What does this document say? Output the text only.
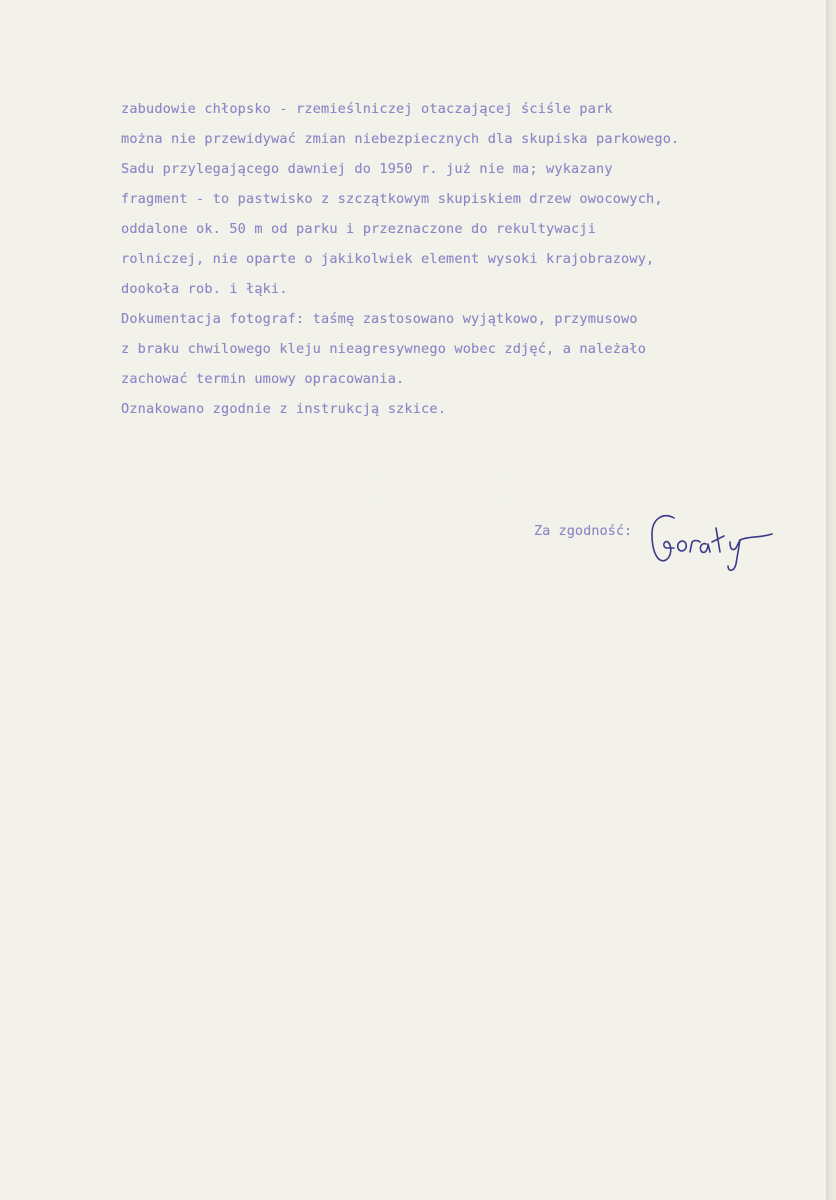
zabudowie chłopsko - rzemieślniczej otaczającej ściśle park
można nie przewidywać zmian niebezpiecznych dla skupiska parkowego.
Sadu przylegającego dawniej do 1950 r. już nie ma; wykazany
fragment - to pastwisko z szczątkowym skupiskiem drzew owocowych,
oddalone ok. 50 m od parku i przeznaczone do rekultywacji
rolniczej, nie oparte o jakikolwiek element wysoki krajobrazowy,
dookoła rob. i łąki.
Dokumentacja fotograf: taśmę zastosowano wyjątkowo, przymusowo
z braku chwilowego kleju nieagresywnego wobec zdjęć, a należało
zachować termin umowy opracowania.
Oznakowano zgodnie z instrukcją szkice.
Za zgodność:
